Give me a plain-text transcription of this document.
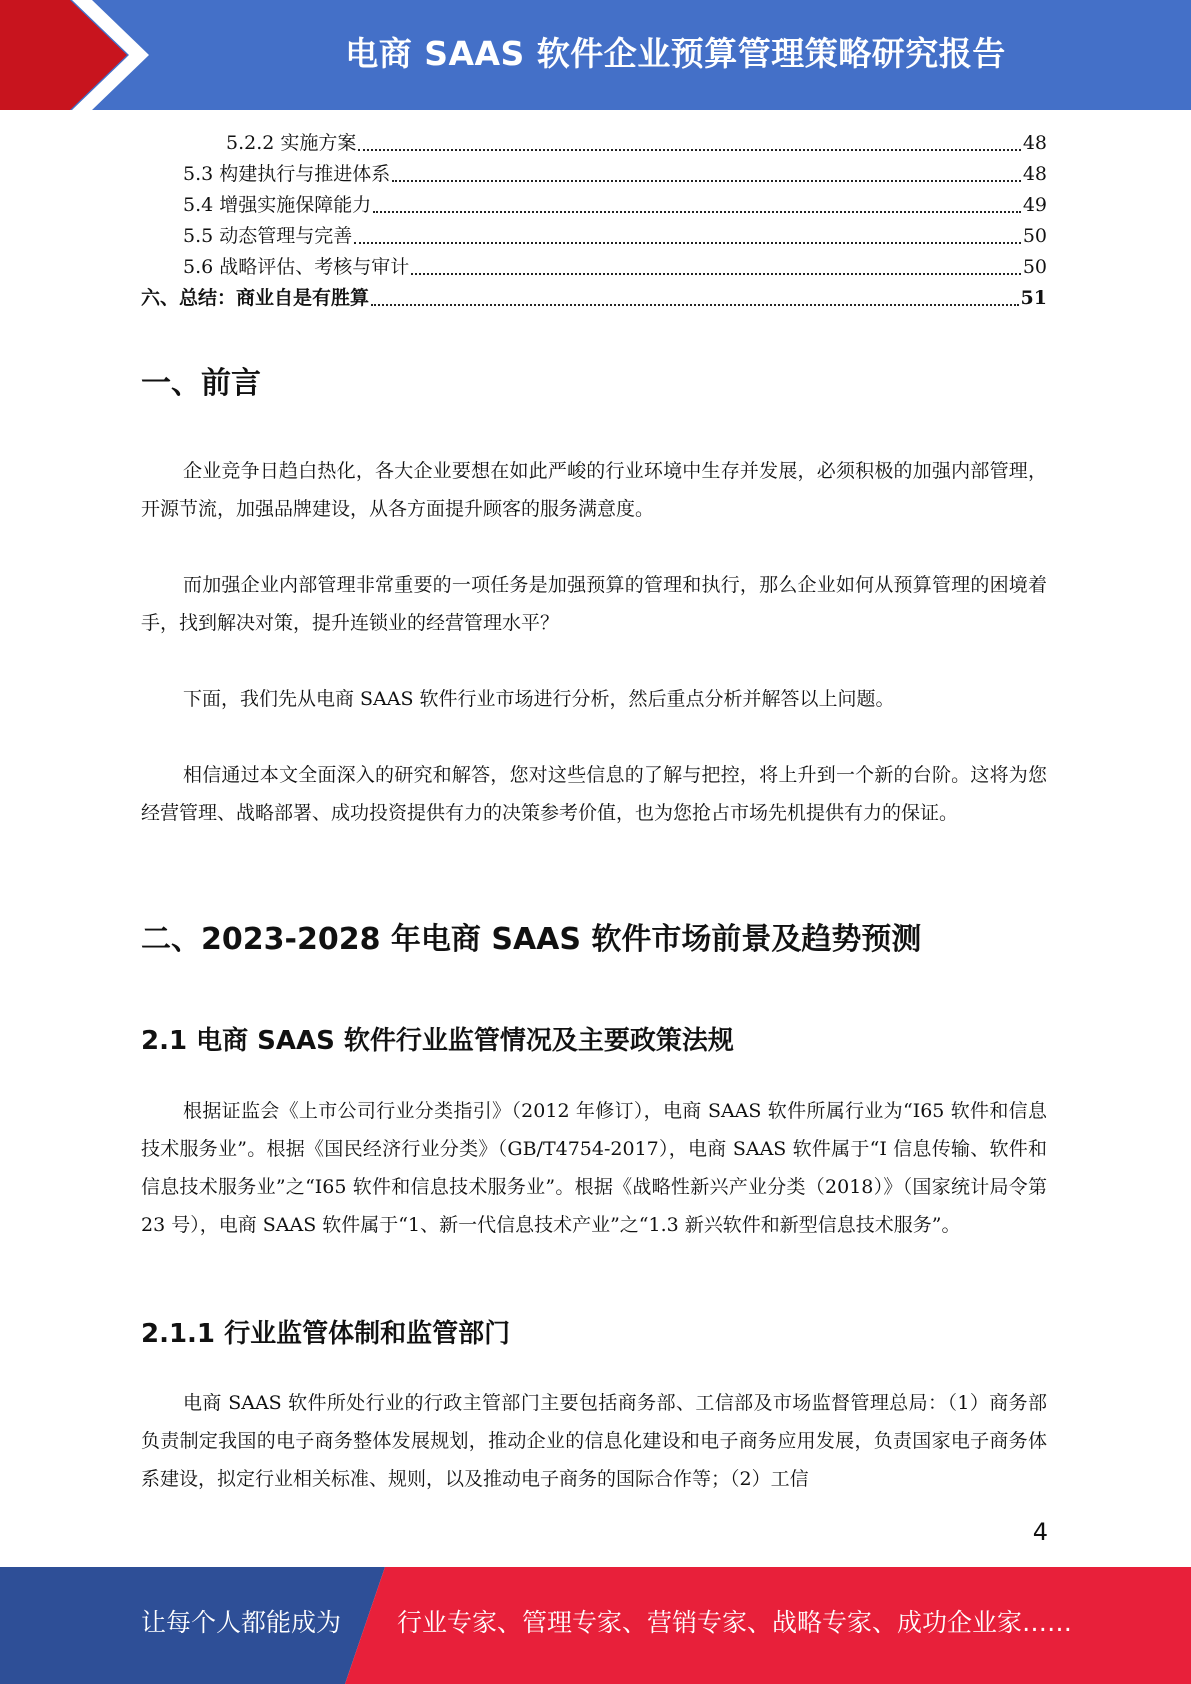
电商 SAAS 软件企业预算管理策略研究报告
5.2.2 实施方案	48
5.3 构建执行与推进体系	48
5.4 增强实施保障能力	49
5.5 动态管理与完善	50
5.6 战略评估、考核与审计	50
六、总结：商业自是有胜算	51
一、前言

企业竞争日趋白热化，各大企业要想在如此严峻的行业环境中生存并发展，必须积极的加强内部管理，开源节流，加强品牌建设，从各方面提升顾客的服务满意度。

而加强企业内部管理非常重要的一项任务是加强预算的管理和执行，那么企业如何从预算管理的困境着手，找到解决对策，提升连锁业的经营管理水平？

下面，我们先从电商 SAAS 软件行业市场进行分析，然后重点分析并解答以上问题。

相信通过本文全面深入的研究和解答，您对这些信息的了解与把控，将上升到一个新的台阶。这将为您经营管理、战略部署、成功投资提供有力的决策参考价值，也为您抢占市场先机提供有力的保证。

二、2023-2028 年电商 SAAS 软件市场前景及趋势预测
2.1 电商 SAAS 软件行业监管情况及主要政策法规

根据证监会《上市公司行业分类指引》（2012 年修订），电商 SAAS 软件所属行业为“I65 软件和信息技术服务业”。根据《国民经济行业分类》（GB/T4754-2017），电商 SAAS 软件属于“I 信息传输、软件和信息技术服务业”之“I65 软件和信息技术服务业”。根据《战略性新兴产业分类（2018）》（国家统计局令第 23 号），电商 SAAS 软件属于“1、新一代信息技术产业”之“1.3 新兴软件和新型信息技术服务”。

2.1.1 行业监管体制和监管部门

电商 SAAS 软件所处行业的行政主管部门主要包括商务部、工信部及市场监督管理总局：（1）商务部负责制定我国的电子商务整体发展规划，推动企业的信息化建设和电子商务应用发展，负责国家电子商务体系建设，拟定行业相关标准、规则，以及推动电子商务的国际合作等；（2）工信

4
让每个人都能成为 行业专家、管理专家、营销专家、战略专家、成功企业家……
